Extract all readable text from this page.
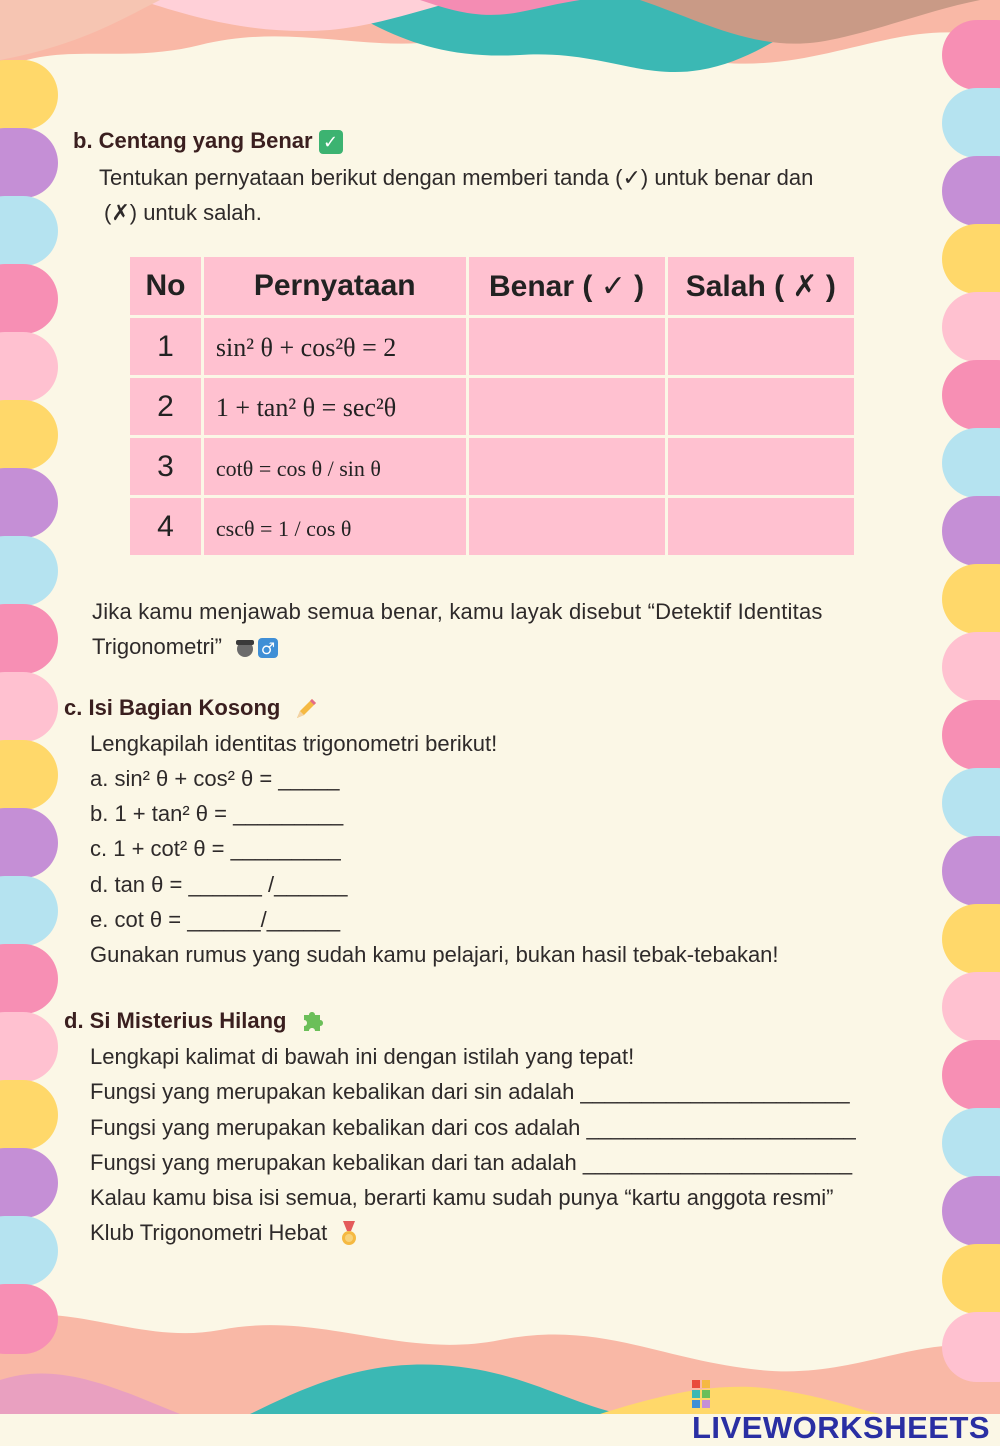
b. Centang yang Benar ✓
Tentukan pernyataan berikut dengan memberi tanda (✓) untuk benar dan
(✗) untuk salah.
No	Pernyataan	Benar ( ✓ )	Salah ( ✗ )
1	sin² θ + cos²θ = 2		
2	1 + tan² θ = sec²θ		
3	cotθ = cos θ / sin θ		
4	cscθ = 1 / cos θ		
Jika kamu menjawab semua benar, kamu layak disebut “Detektif Identitas
Trigonometri” ♂
c. Isi Bagian Kosong
Lengkapilah identitas trigonometri berikut!
a. sin² θ + cos² θ = _____
b. 1 + tan² θ = _________
c. 1 + cot² θ = _________
d. tan θ = ______ /______
e. cot θ = ______/______
Gunakan rumus yang sudah kamu pelajari, bukan hasil tebak-tebakan!
d. Si Misterius Hilang
Lengkapi kalimat di bawah ini dengan istilah yang tepat!
Fungsi yang merupakan kebalikan dari sin adalah ______________________
Fungsi yang merupakan kebalikan dari cos adalah ______________________
Fungsi yang merupakan kebalikan dari tan adalah ______________________
Kalau kamu bisa isi semua, berarti kamu sudah punya “kartu anggota resmi”
Klub Trigonometri Hebat
LIVEWORKSHEETS
